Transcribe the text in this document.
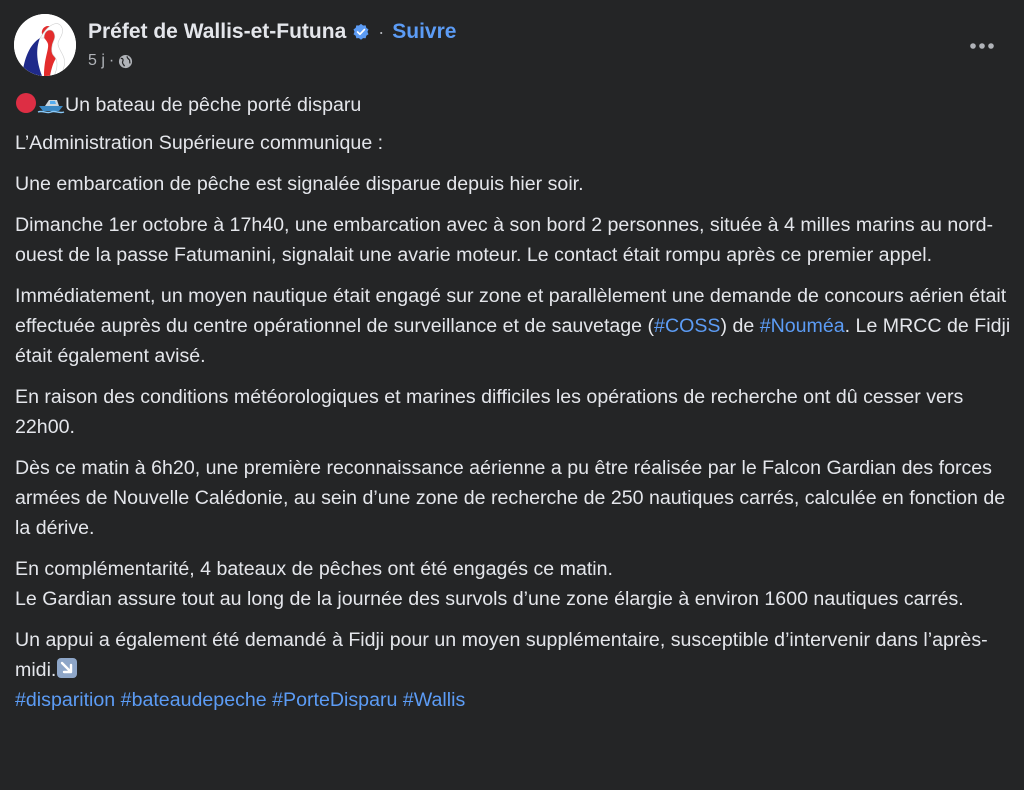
Préfet de Wallis-et-Futuna · Suivre
5 j ·

Un bateau de pêche porté disparu

L’Administration Supérieure communique :

Une embarcation de pêche est signalée disparue depuis hier soir.

Dimanche 1er octobre à 17h40, une embarcation avec à son bord 2 personnes, située à 4 milles marins au nord-ouest de la passe Fatumanini, signalait une avarie moteur. Le contact était rompu après ce premier appel.

Immédiatement, un moyen nautique était engagé sur zone et parallèlement une demande de concours aérien était effectuée auprès du centre opérationnel de surveillance et de sauvetage (#COSS) de #Nouméa. Le MRCC de Fidji était également avisé.

En raison des conditions météorologiques et marines difficiles les opérations de recherche ont dû cesser vers 22h00.

Dès ce matin à 6h20, une première reconnaissance aérienne a pu être réalisée par le Falcon Gardian des forces armées de Nouvelle Calédonie, au sein d’une zone de recherche de 250 nautiques carrés, calculée en fonction de la dérive.

En complémentarité, 4 bateaux de pêches ont été engagés ce matin.
Le Gardian assure tout au long de la journée des survols d’une zone élargie à environ 1600 nautiques carrés.

Un appui a également été demandé à Fidji pour un moyen supplémentaire, susceptible d’intervenir dans l’après-midi.

#disparition #bateaudepeche #PorteDisparu #Wallis
